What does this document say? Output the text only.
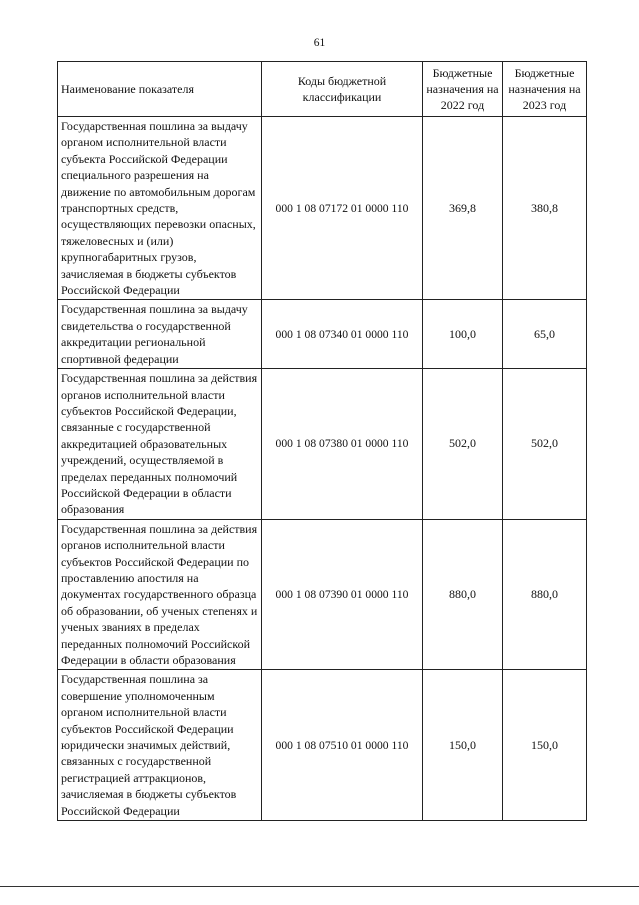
61
Наименование показателя	Коды бюджетной классификации	Бюджетные назначения на 2022 год	Бюджетные назначения на 2023 год
Государственная пошлина за выдачу органом исполнительной власти субъекта Российской Федерации специального разрешения на движение по автомобильным дорогам транспортных средств, осуществляющих перевозки опасных, тяжеловесных и (или) крупногабаритных грузов, зачисляемая в бюджеты субъектов Российской Федерации	000 1 08 07172 01 0000 110	369,8	380,8
Государственная пошлина за выдачу свидетельства о государственной аккредитации региональной спортивной федерации	000 1 08 07340 01 0000 110	100,0	65,0
Государственная пошлина за действия органов исполнительной власти субъектов Российской Федерации, связанные с государственной аккредитацией образовательных учреждений, осуществляемой в пределах переданных полномочий Российской Федерации в области образования	000 1 08 07380 01 0000 110	502,0	502,0
Государственная пошлина за действия органов исполнительной власти субъектов Российской Федерации по проставлению апостиля на документах государственного образца об образовании, об ученых степенях и ученых званиях в пределах переданных полномочий Российской Федерации в области образования	000 1 08 07390 01 0000 110	880,0	880,0
Государственная пошлина за совершение уполномоченным органом исполнительной власти субъектов Российской Федерации юридически значимых действий, связанных с государственной регистрацией аттракционов, зачисляемая в бюджеты субъектов Российской Федерации	000 1 08 07510 01 0000 110	150,0	150,0
